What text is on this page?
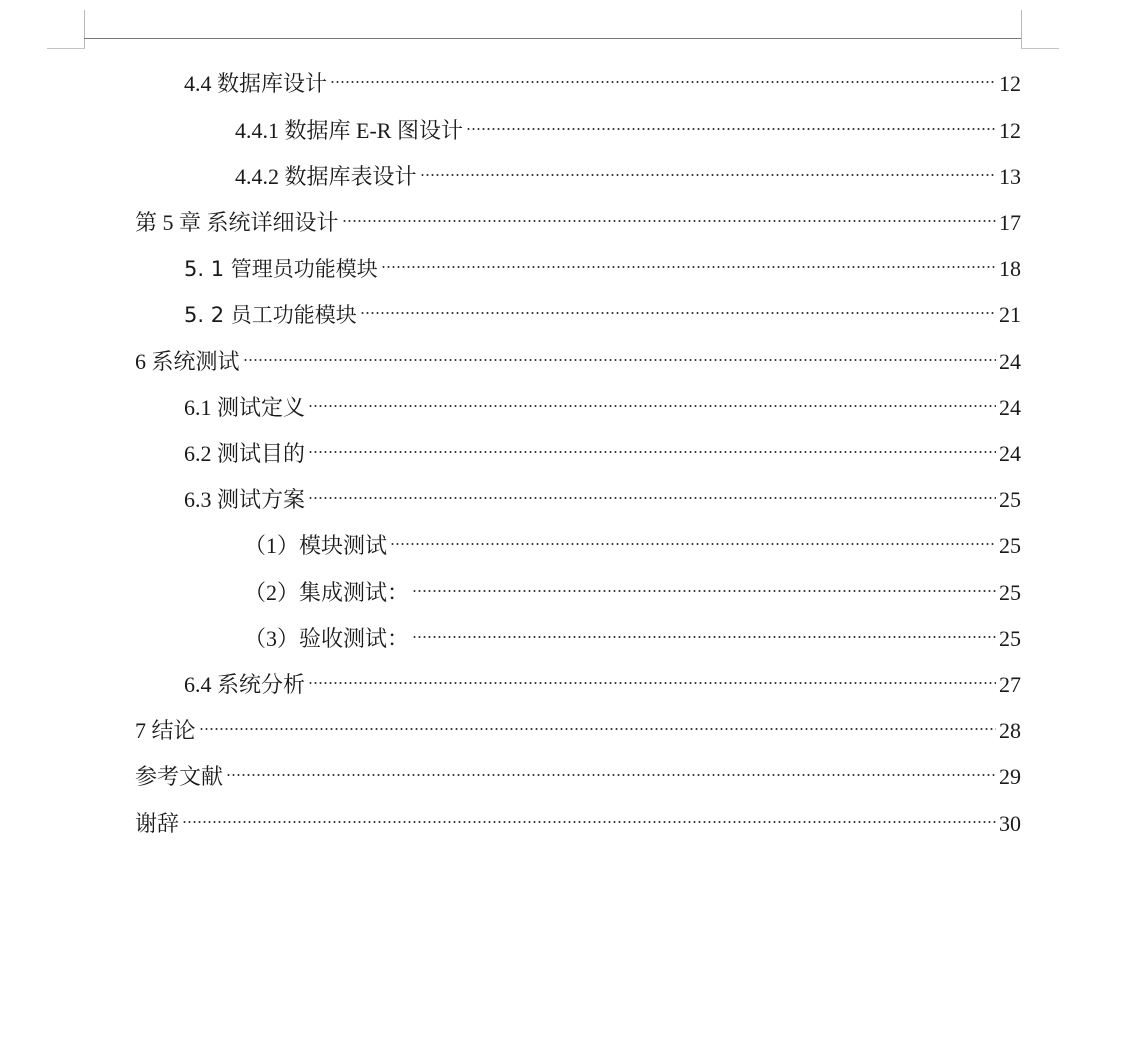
4.4 数据库设计	12
4.4.1 数据库 E-R 图设计	12
4.4.2 数据库表设计	13
第 5 章 系统详细设计	17
5. 1 管理员功能模块	18
5. 2 员工功能模块	21
6 系统测试	24
6.1 测试定义	24
6.2 测试目的	24
6.3 测试方案	25
（1）模块测试	25
（2）集成测试：	25
（3）验收测试：	25
6.4 系统分析	27
7 结论	28
参考文献	29
谢辞	30
